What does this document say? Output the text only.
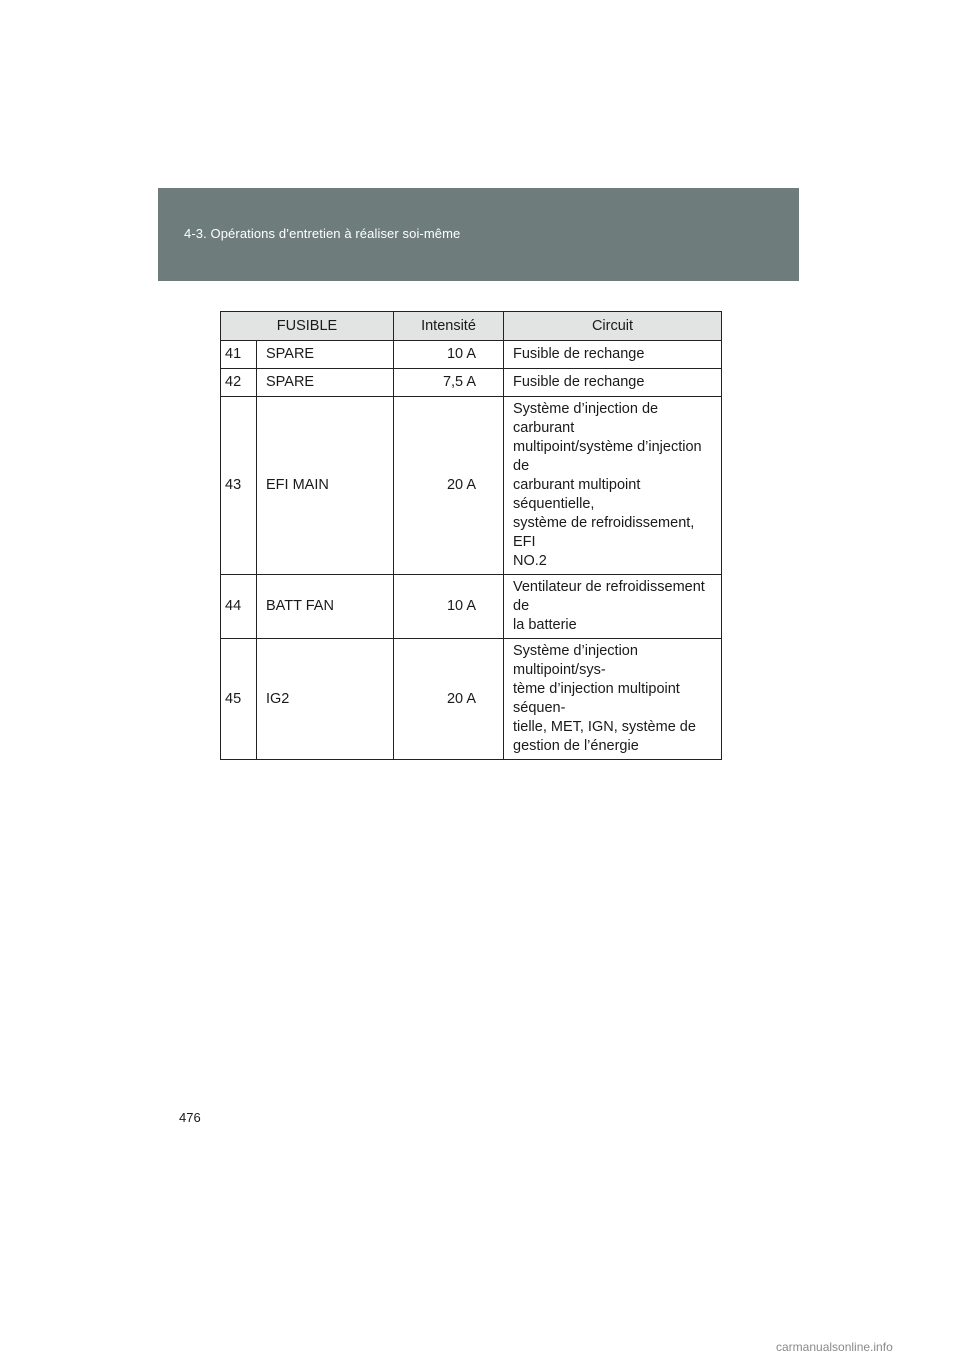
4-3. Opérations d’entretien à réaliser soi-même
FUSIBLE		Intensité	Circuit
41	SPARE	10 A	Fusible de rechange

42	SPARE	7,5 A	Fusible de rechange

43	EFI MAIN	20 A	Système d’injection de carburant
multipoint/système d’injection de
carburant multipoint séquentielle,
système de refroidissement, EFI
NO.2

44	BATT FAN	10 A	Ventilateur de refroidissement de
la batterie

45	IG2	20 A	Système d’injection multipoint/sys-
tème d’injection multipoint séquen-
tielle, MET, IGN, système de
gestion de l’énergie
476
carmanualsonline.info
